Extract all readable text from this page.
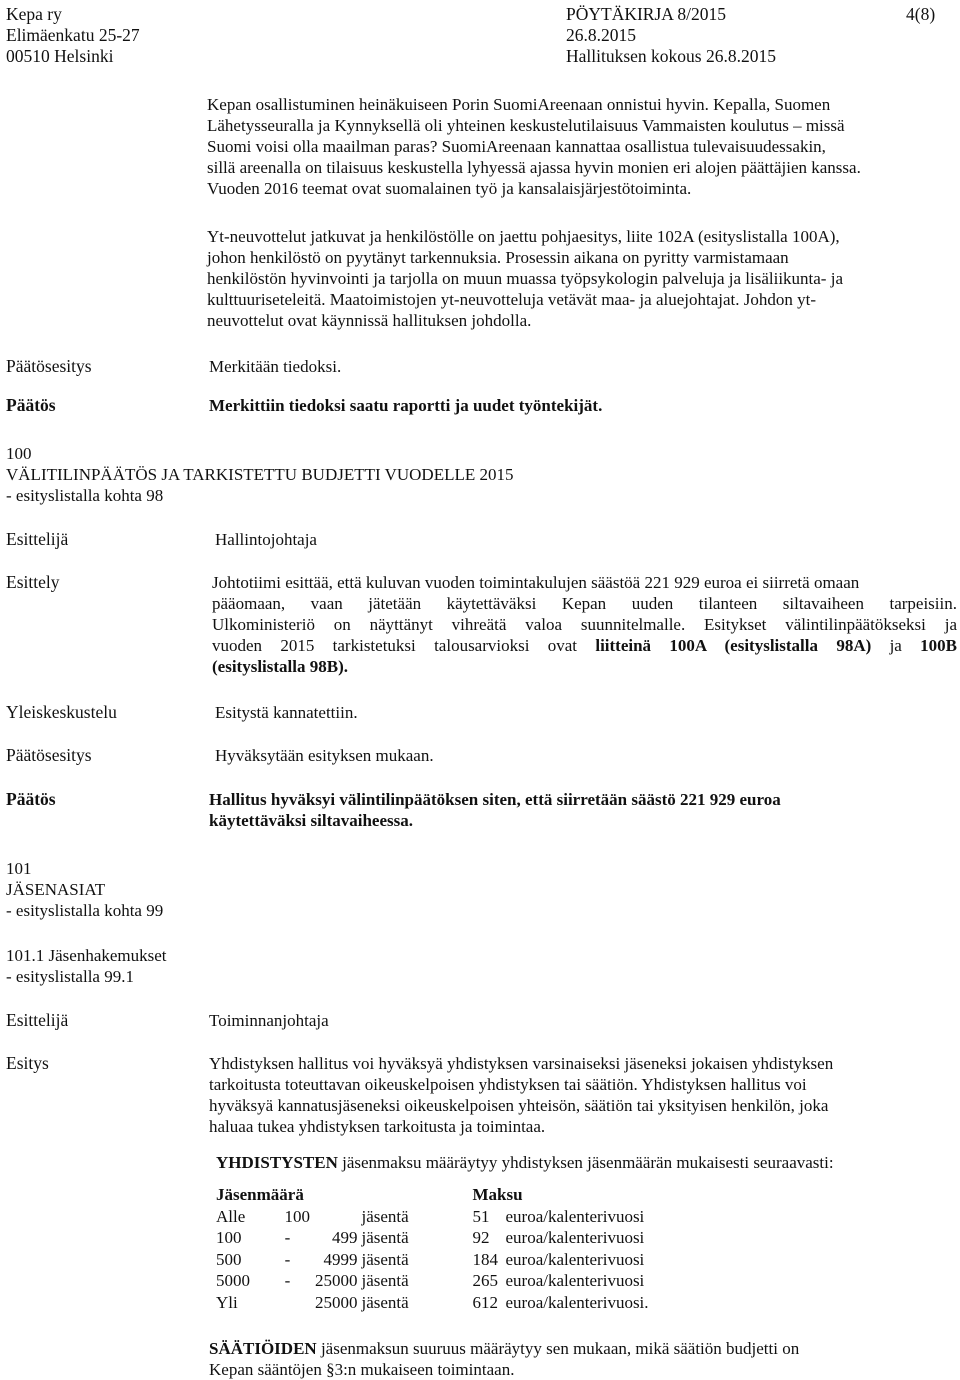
Kepa ry
Elimäenkatu 25-27
00510 Helsinki
PÖYTÄKIRJA 8/2015
26.8.2015
Hallituksen kokous 26.8.2015
4(8)
Kepan osallistuminen heinäkuiseen Porin SuomiAreenaan onnistui hyvin. Kepalla, Suomen
Lähetysseuralla ja Kynnyksellä oli yhteinen keskustelutilaisuus Vammaisten koulutus – missä
Suomi voisi olla maailman paras? SuomiAreenaan kannattaa osallistua tulevaisuudessakin,
sillä areenalla on tilaisuus keskustella lyhyessä ajassa hyvin monien eri alojen päättäjien kanssa.
Vuoden 2016 teemat ovat suomalainen työ ja kansalaisjärjestötoiminta.
Yt-neuvottelut jatkuvat ja henkilöstölle on jaettu pohjaesitys, liite 102A (esityslistalla 100A),
johon henkilöstö on pyytänyt tarkennuksia. Prosessin aikana on pyritty varmistamaan
henkilöstön hyvinvointi ja tarjolla on muun muassa työpsykologin palveluja ja lisäliikunta- ja
kulttuuriseteleitä. Maatoimistojen yt-neuvotteluja vetävät maa- ja aluejohtajat. Johdon yt-
neuvottelut ovat käynnissä hallituksen johdolla.
Päätösesitys	Merkitään tiedoksi.
Päätös	Merkittiin tiedoksi saatu raportti ja uudet työntekijät.
100
VÄLITILINPÄÄTÖS JA TARKISTETTU BUDJETTI VUODELLE 2015
- esityslistalla kohta 98
Esittelijä	Hallintojohtaja
Esittely	Johtotiimi esittää, että kuluvan vuoden toimintakulujen säästöä 221 929 euroa ei siirretä omaan
pääomaan, vaan jätetään käytettäväksi Kepan uuden tilanteen siltavaiheen tarpeisiin.
Ulkoministeriö on näyttänyt vihreätä valoa suunnitelmalle. Esitykset välintilinpäätökseksi ja
vuoden 2015 tarkistetuksi talousarvioksi ovat liitteinä 100A (esityslistalla 98A) ja 100B
(esityslistalla 98B).
Yleiskeskustelu	Esitystä kannatettiin.
Päätösesitys	Hyväksytään esityksen mukaan.
Päätös	Hallitus hyväksyi välintilinpäätöksen siten, että siirretään säästö 221 929 euroa
käytettäväksi siltavaiheessa.
101
JÄSENASIAT
- esityslistalla kohta 99
101.1 Jäsenhakemukset
- esityslistalla 99.1
Esittelijä	Toiminnanjohtaja
Esitys	Yhdistyksen hallitus voi hyväksyä yhdistyksen varsinaiseksi jäseneksi jokaisen yhdistyksen
tarkoitusta toteuttavan oikeuskelpoisen yhdistyksen tai säätiön. Yhdistyksen hallitus voi
hyväksyä kannatusjäseneksi oikeuskelpoisen yhteisön, säätiön tai yksityisen henkilön, joka
haluaa tukea yhdistyksen tarkoitusta ja toimintaa.
YHDISTYSTEN jäsenmaksu määräytyy yhdistyksen jäsenmäärän mukaisesti seuraavasti:
Jäsenmäärä				Maksu	
Alle	100		jäsentä	51	euroa/kalenterivuosi
100	-	499	jäsentä	92	euroa/kalenterivuosi
500	-	4999	jäsentä	184	euroa/kalenterivuosi
5000	-	25000	jäsentä	265	euroa/kalenterivuosi
Yli	25000		jäsentä	612	euroa/kalenterivuosi.
SÄÄTIÖIDEN jäsenmaksun suuruus määräytyy sen mukaan, mikä säätiön budjetti on
Kepan sääntöjen §3:n mukaiseen toimintaan.
